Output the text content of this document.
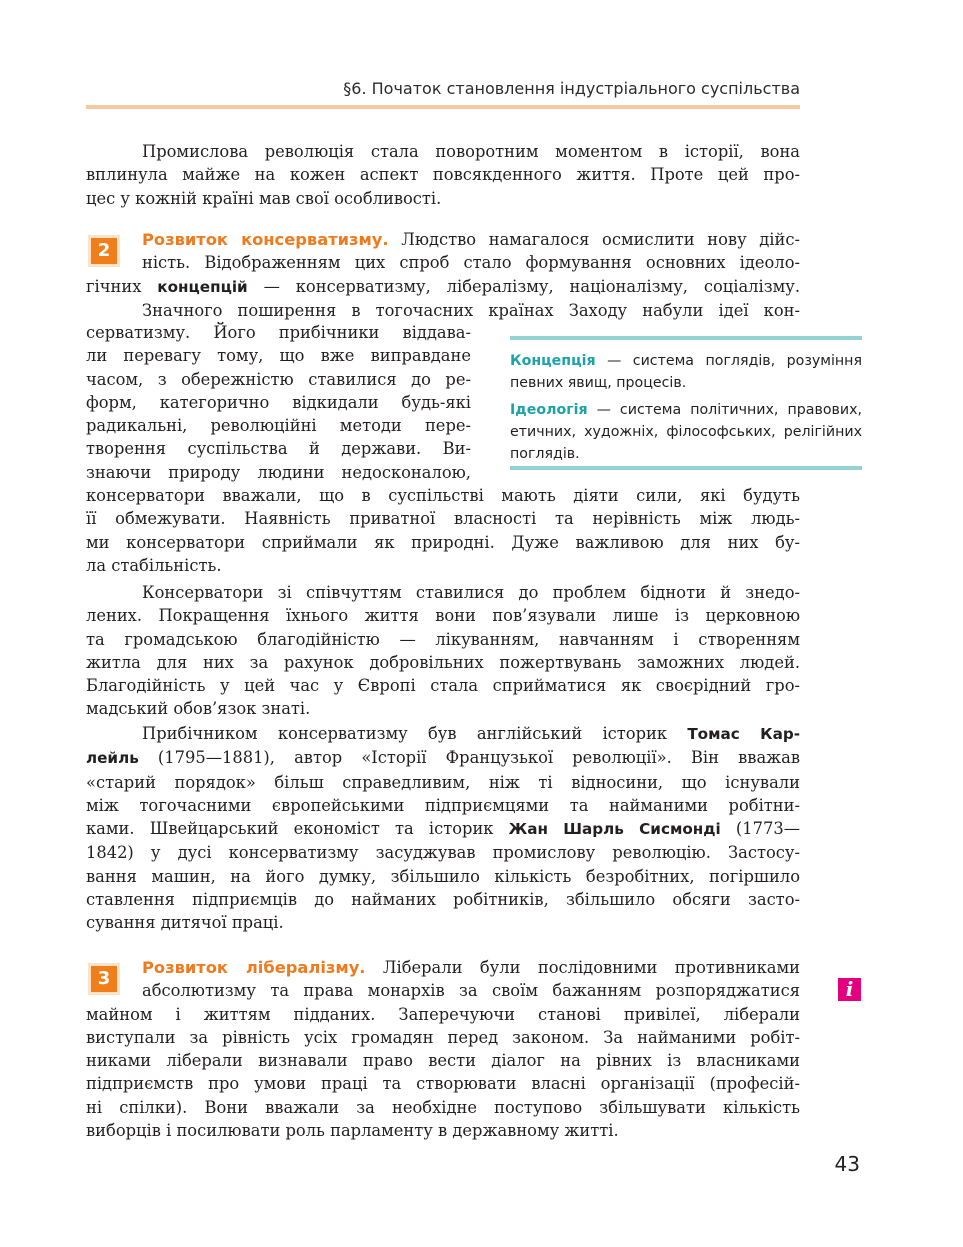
§6. Початок становлення індустріального суспільства
Промислова революція стала поворотним моментом в історії, вона
вплинула майже на кожен аспект повсякденного життя. Проте цей про-
цес у кожній країні мав свої особливості.
2
Розвиток консерватизму. Людство намагалося осмислити нову дійс-
ність. Відображенням цих спроб стало формування основних ідеоло-
гічних концепцій — консерватизму, лібералізму, націоналізму, соціалізму.
Значного поширення в тогочасних країнах Заходу набули ідеї кон-
серватизму. Його прибічники віддава-
ли перевагу тому, що вже виправдане
часом, з обережністю ставилися до ре-
форм, категорично відкидали будь-які
радикальні, революційні методи пере-
творення суспільства й держави. Ви-
знаючи природу людини недосконалою,
Концепція — система поглядів, розуміння
певних явищ, процесів.
Ідеологія — система політичних, правових,
етичних, художніх, філософських, релігійних
поглядів.
консерватори вважали, що в суспільстві мають діяти сили, які будуть
її обмежувати. Наявність приватної власності та нерівність між людь-
ми консерватори сприймали як природні. Дуже важливою для них бу-
ла стабільність.
Консерватори зі співчуттям ставилися до проблем бідноти й знедо-
лених. Покращення їхнього життя вони пов’язували лише із церковною
та громадською благодійністю — лікуванням, навчанням і створенням
житла для них за рахунок добровільних пожертвувань заможних людей.
Благодійність у цей час у Європі стала сприйматися як своєрідний гро-
мадський обов’язок знаті.
Прибічником консерватизму був англійський історик Томас Кар-
лейль (1795—1881), автор «Історії Французької революції». Він вважав
«старий порядок» більш справедливим, ніж ті відносини, що існували
між тогочасними європейськими підприємцями та найманими робітни-
ками. Швейцарський економіст та історик Жан Шарль Сисмонді (1773—
1842) у дусі консерватизму засуджував промислову революцію. Застосу-
вання машин, на його думку, збільшило кількість безробітних, погіршило
ставлення підприємців до найманих робітників, збільшило обсяги засто-
сування дитячої праці.
3
Розвиток лібералізму. Ліберали були послідовними противниками
абсолютизму та права монархів за своїм бажанням розпоряджатися
майном і життям підданих. Заперечуючи станові привілеї, ліберали
виступали за рівність усіх громадян перед законом. За найманими робіт-
никами ліберали визнавали право вести діалог на рівних із власниками
підприємств про умови праці та створювати власні організації (професій-
ні спілки). Вони вважали за необхідне поступово збільшувати кількість
виборців і посилювати роль парламенту в державному житті.
i
43
